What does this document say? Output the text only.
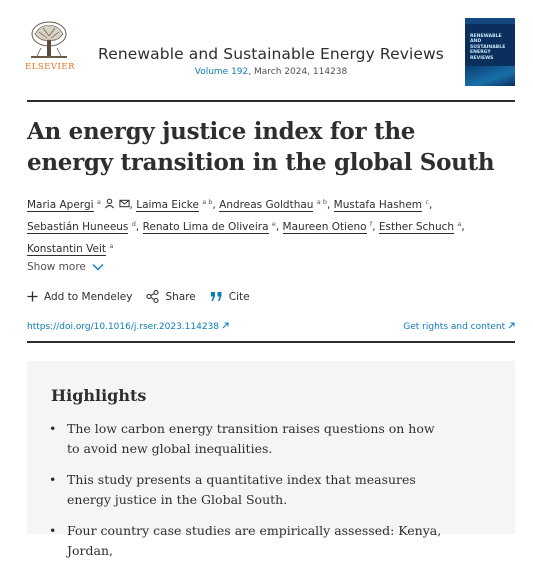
ELSEVIER
Renewable and Sustainable Energy Reviews
Volume 192, March 2024, 114238
RENEWABLE
AND
SUSTAINABLE
ENERGY
REVIEWS
An energy justice index for the energy transition in the global South
Maria Apergi $^a$	, Laima Eicke $^{a b}$, Andreas Goldthau $^{a b}$, Mustafa Hashem $^c$,
Sebastián Huneeus $^d$, Renato Lima de Oliveira $^e$, Maureen Otieno $^f$, Esther Schuch $^a$,
Konstantin Veit $^a$
Show more
Add to Mendeley	Share	Cite
https://doi.org/10.1016/j.rser.2023.114238	Get rights and content
Highlights
• The low carbon energy transition raises questions on how to avoid new global inequalities.
• This study presents a quantitative index that measures energy justice in the Global South.
• Four country case studies are empirically assessed: Kenya, Jordan,
